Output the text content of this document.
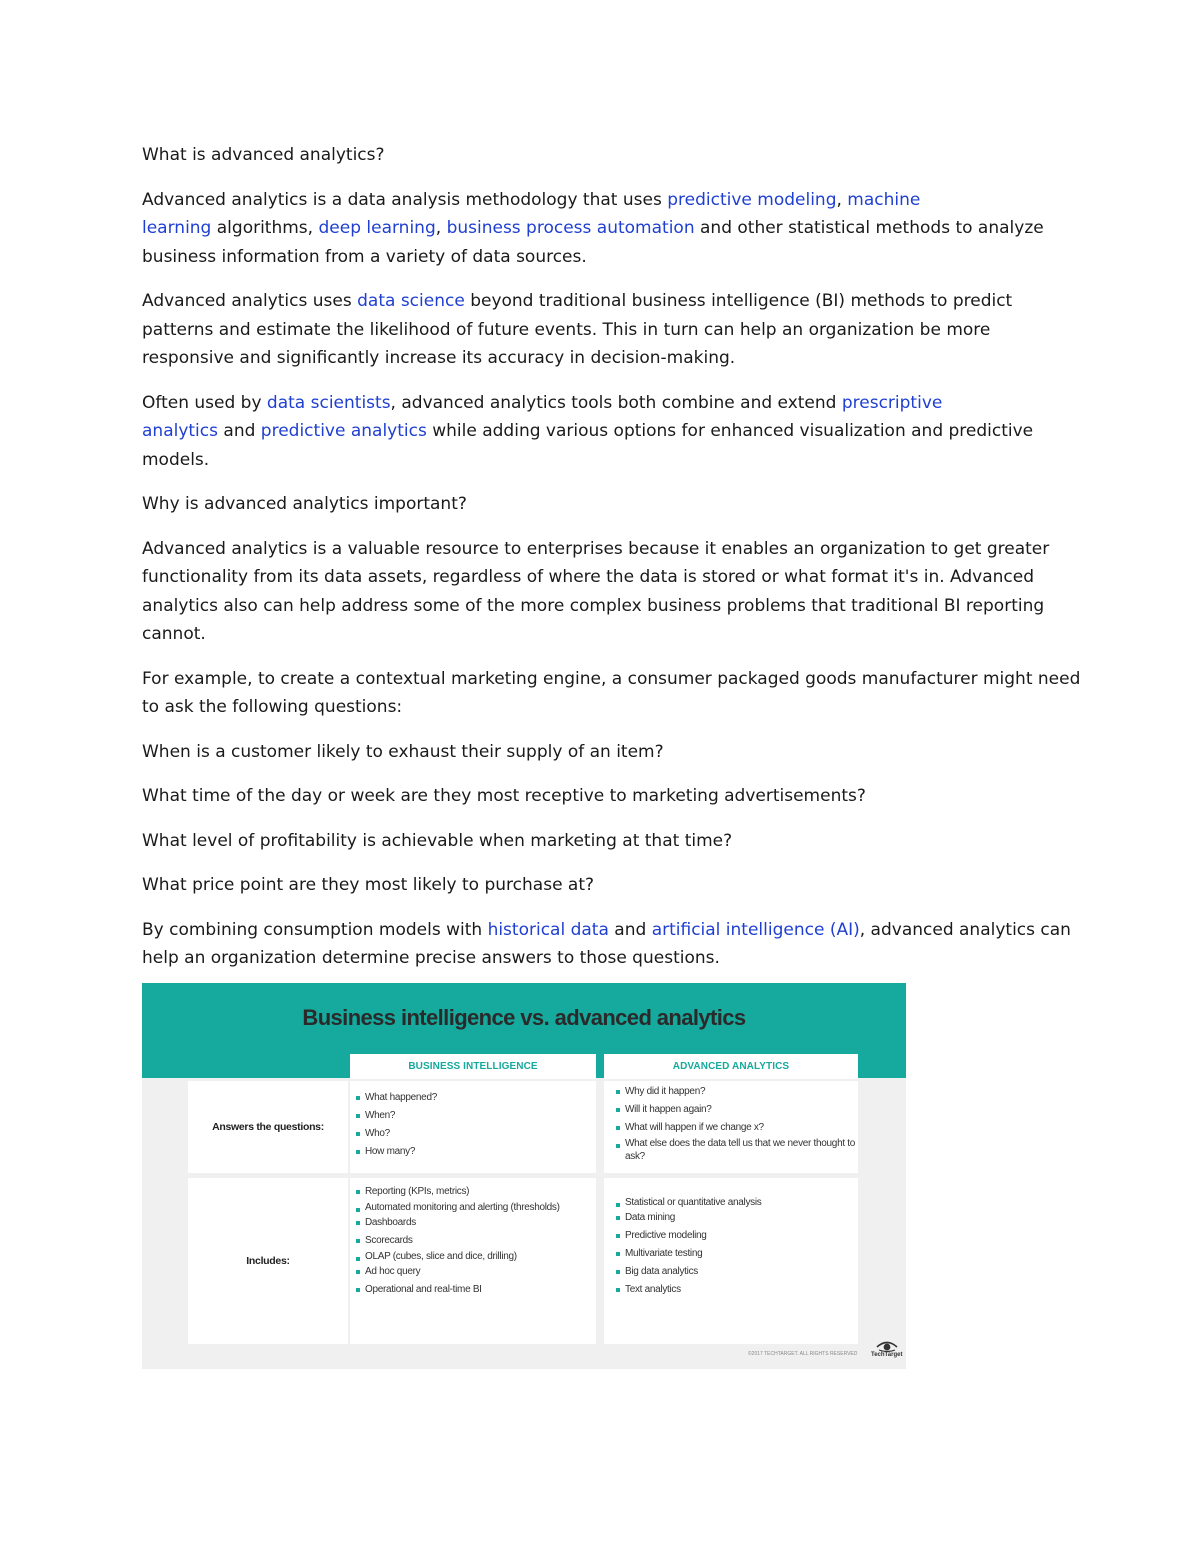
What is advanced analytics?

Advanced analytics is a data analysis methodology that uses predictive modeling, machine
learning algorithms, deep learning, business process automation and other statistical methods to analyze business information from a variety of data sources.

Advanced analytics uses data science beyond traditional business intelligence (BI) methods to predict patterns and estimate the likelihood of future events. This in turn can help an organization be more responsive and significantly increase its accuracy in decision-making.

Often used by data scientists, advanced analytics tools both combine and extend prescriptive
analytics and predictive analytics while adding various options for enhanced visualization and predictive models.

Why is advanced analytics important?

Advanced analytics is a valuable resource to enterprises because it enables an organization to get greater functionality from its data assets, regardless of where the data is stored or what format it's in. Advanced analytics also can help address some of the more complex business problems that traditional BI reporting cannot.

For example, to create a contextual marketing engine, a consumer packaged goods manufacturer might need to ask the following questions:

When is a customer likely to exhaust their supply of an item?

What time of the day or week are they most receptive to marketing advertisements?

What level of profitability is achievable when marketing at that time?

What price point are they most likely to purchase at?

By combining consumption models with historical data and artificial intelligence (AI), advanced analytics can help an organization determine precise answers to those questions.

Business intelligence vs. advanced analytics
BUSINESS INTELLIGENCE	ADVANCED ANALYTICS
Answers the questions:
Includes:
What happened?
When?
Who?
How many?
Why did it happen?
Will it happen again?
What will happen if we change x?
What else does the data tell us that we never thought to ask?
Reporting (KPIs, metrics)
Automated monitoring and alerting (thresholds)
Dashboards
Scorecards
OLAP (cubes, slice and dice, drilling)
Ad hoc query
Operational and real-time BI
Statistical or quantitative analysis
Data mining
Predictive modeling
Multivariate testing
Big data analytics
Text analytics
©2017 TECHTARGET. ALL RIGHTS RESERVED TechTarget
